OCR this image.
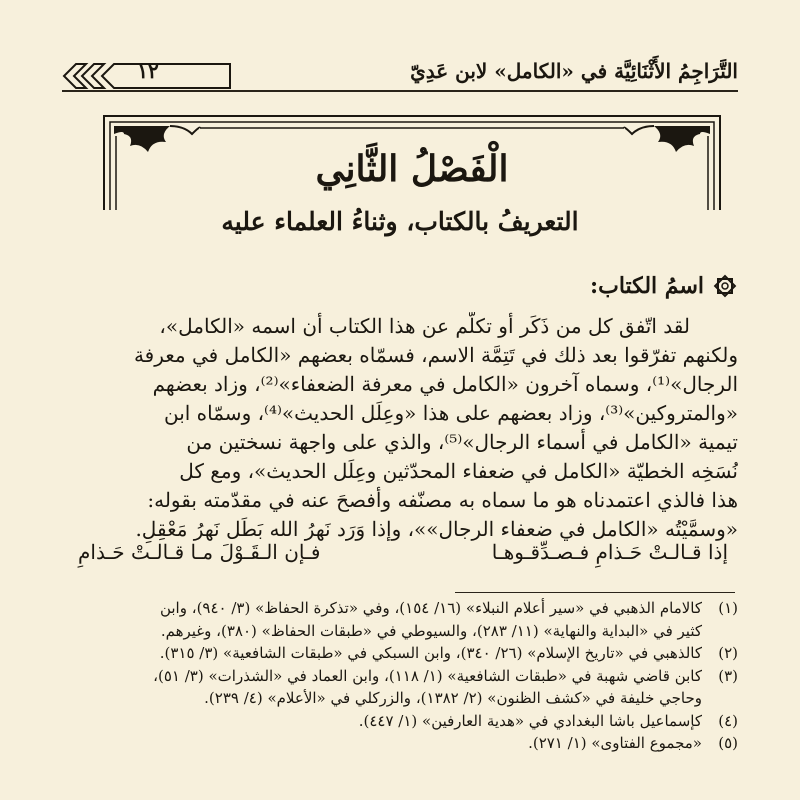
التَّرَاجِمُ الأَثْنَائِيَّة في «الكامل» لابن عَدِيّ
١٢
الْفَصْلُ الثَّانِي
التعريفُ بالكتاب، وثناءُ العلماء عليه
اسمُ الكتاب:
لقد اتّفق كل من ذَكَر أو تكلّم عن هذا الكتاب أن اسمه «الكامل»،
ولكنهم تفرّقوا بعد ذلك في تَتِمَّة الاسم، فسمّاه بعضهم «الكامل في معرفة
الرجال»⁽¹⁾، وسماه آخرون «الكامل في معرفة الضعفاء»⁽²⁾، وزاد بعضهم
«والمتروكين»⁽³⁾، وزاد بعضهم على هذا «وعِلَل الحديث»⁽⁴⁾، وسمّاه ابن
تيمية «الكامل في أسماء الرجال»⁽⁵⁾، والذي على واجهة نسختين من
نُسَخِه الخطيّة «الكامل في ضعفاء المحدّثين وعِلَل الحديث»، ومع كل
هذا فالذي اعتمدناه هو ما سماه به مصنّفه وأفصحَ عنه في مقدّمته بقوله:
«وسمَّيْتُه «الكامل في ضعفاء الرجال»»، وإذا وَرَد نَهرُ الله بَطَل نَهرُ مَعْقِلِ.
إذا قـالـتْ حَـذامِ فـصـدِّقـوهـا
فـإن الـقَـوْلَ مـا قـالـتْ حَـذامِ
(١)
كالامام الذهبي في «سير أعلام النبلاء» (١٦/ ١٥٤)، وفي «تذكرة الحفاظ» (٣/ ٩٤٠)، وابن
كثير في «البداية والنهاية» (١١/ ٢٨٣)، والسيوطي في «طبقات الحفاظ» (٣٨٠)، وغيرهم.
(٢)
كالذهبي في «تاريخ الإسلام» (٢٦/ ٣٤٠)، وابن السبكي في «طبقات الشافعية» (٣/ ٣١٥).
(٣)
كابن قاضي شهبة في «طبقات الشافعية» (١/ ١١٨)، وابن العماد في «الشذرات» (٣/ ٥١)،
وحاجي خليفة في «كشف الظنون» (٢/ ١٣٨٢)، والزركلي في «الأعلام» (٤/ ٢٣٩).
(٤)
كإسماعيل باشا البغدادي في «هدية العارفين» (١/ ٤٤٧).
(٥)
«مجموع الفتاوى» (١/ ٢٧١).
